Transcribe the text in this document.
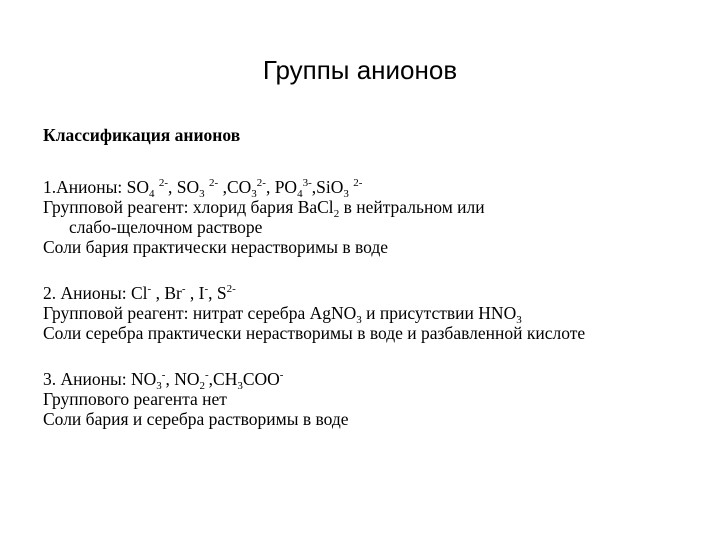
Группы анионов
Классификация анионов
1.Анионы: $SO_4$ $^{2-}$, $SO_3$ $^{2-}$ $,CO_3^{2-}$, $PO_4^{3-},SiO_3$ $^{2-}$
Групповой реагент: хлорид бария BaCl$_2$ в нейтральном или
слабо-щелочном растворе
Соли бария практически нерастворимы в воде
2. Анионы: Cl- , Br- , I-, $S^{2-}$
Групповой реагент: нитрат серебра AgNO$_3$ и присутствии $HNO_3$
Соли серебра практически нерастворимы в воде и разбавленной кислоте
3. Анионы: $NO_3^-$, $NO_2^-,CH_3COO^-$
Группового реагента нет
Соли бария и серебра растворимы в воде
